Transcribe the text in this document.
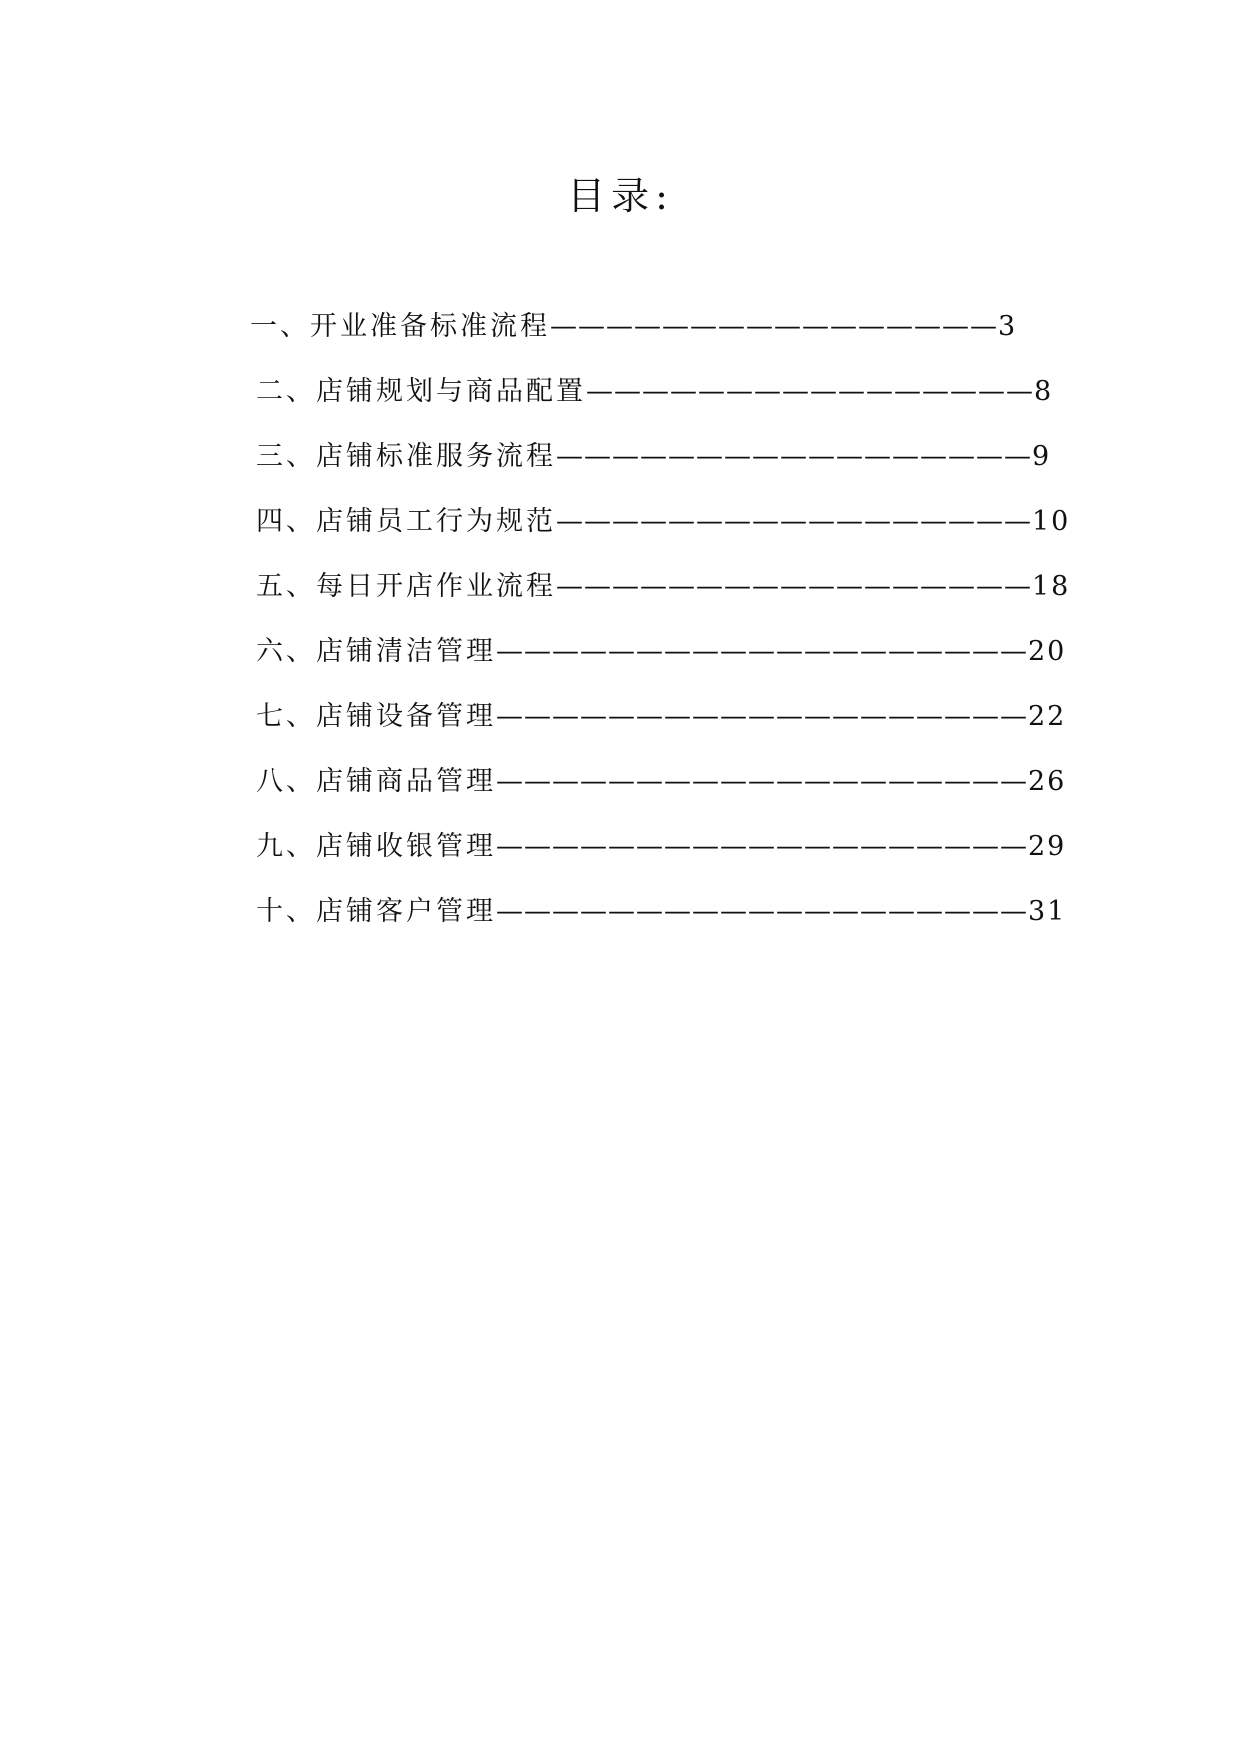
目录:
一、开业准备标准流程————————————————3
二、店铺规划与商品配置————————————————8
三、店铺标准服务流程—————————————————9
四、店铺员工行为规范—————————————————10
五、每日开店作业流程—————————————————18
六、店铺清洁管理———————————————————20
七、店铺设备管理———————————————————22
八、店铺商品管理———————————————————26
九、店铺收银管理———————————————————29
十、店铺客户管理———————————————————31
